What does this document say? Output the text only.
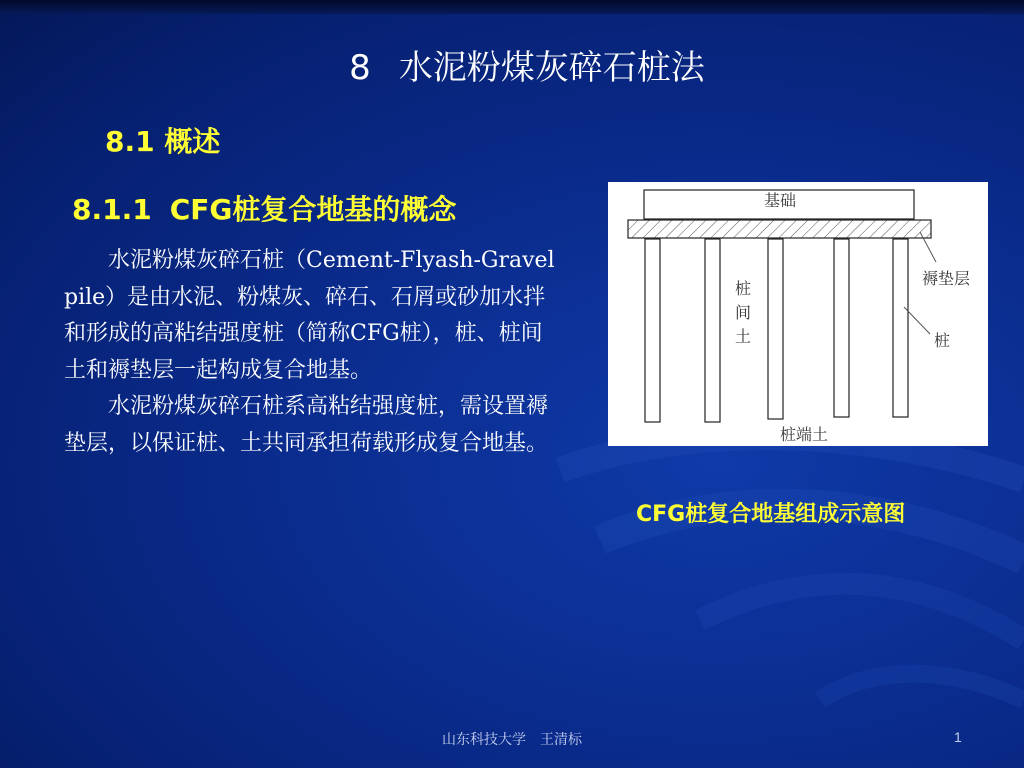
8 水泥粉煤灰碎石桩法
8.1 概述
8.1.1 CFG桩复合地基的概念

水泥粉煤灰碎石桩（Cement-Flyash-Gravel pile）是由水泥、粉煤灰、碎石、石屑或砂加水拌和形成的高粘结强度桩（简称CFG桩），桩、桩间土和褥垫层一起构成复合地基。

水泥粉煤灰碎石桩系高粘结强度桩，需设置褥垫层，以保证桩、土共同承担荷载形成复合地基。

基础
褥垫层
桩
间
土	桩
桩端土
CFG桩复合地基组成示意图
山东科技大学　王清标	1
